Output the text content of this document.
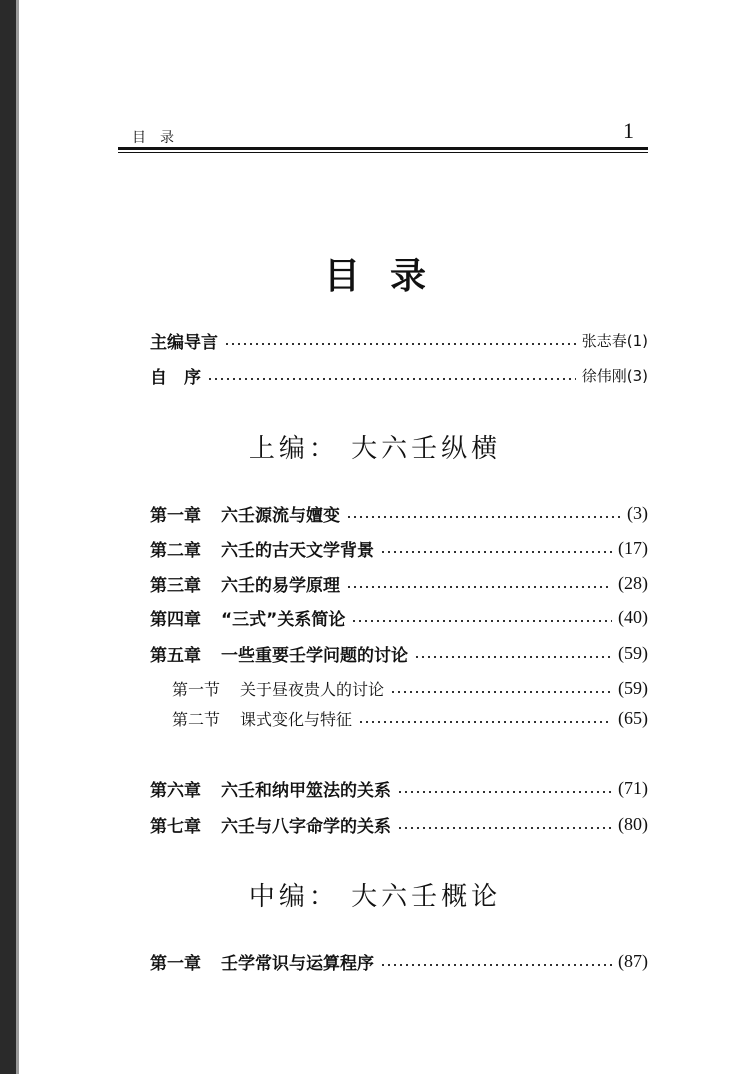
目录	1
目录
主编导言	张志春(1)
自　序	徐伟刚(3)
上编： 大六壬纵横
第一章 六壬源流与嬗变	(3)
第二章 六壬的古天文学背景	(17)
第三章 六壬的易学原理	(28)
第四章 “三式”关系简论	(40)
第五章 一些重要壬学问题的讨论	(59)
第一节 关于昼夜贵人的讨论	(59)
第二节 课式变化与特征	(65)
第六章 六壬和纳甲筮法的关系	(71)
第七章 六壬与八字命学的关系	(80)
中编： 大六壬概论
第一章 壬学常识与运算程序	(87)
